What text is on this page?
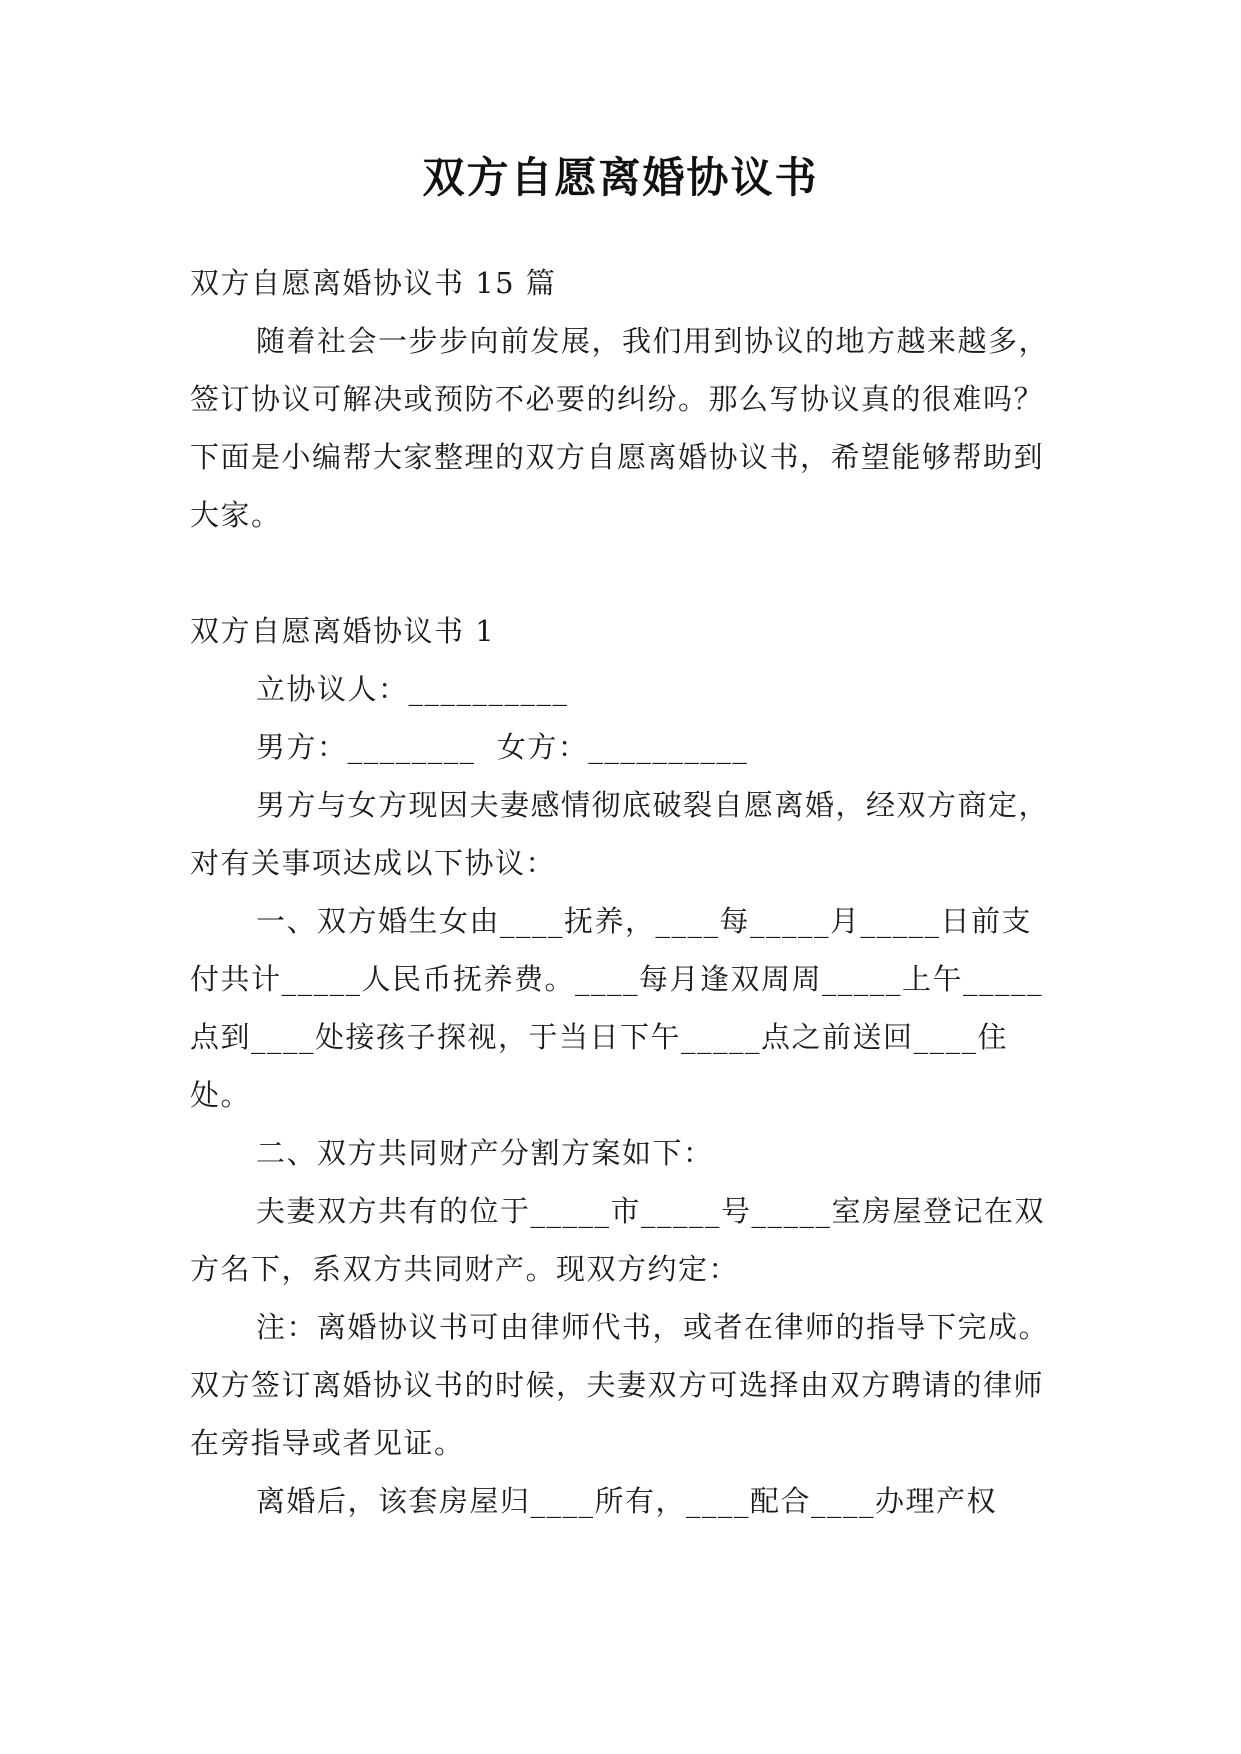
双方自愿离婚协议书

双方自愿离婚协议书 15 篇

随着社会一步步向前发展，我们用到协议的地方越来越多，签订协议可解决或预防不必要的纠纷。那么写协议真的很难吗？下面是小编帮大家整理的双方自愿离婚协议书，希望能够帮助到大家。

双方自愿离婚协议书 1

立协议人：__________

男方：________  女方：__________

男方与女方现因夫妻感情彻底破裂自愿离婚，经双方商定，对有关事项达成以下协议：

一、双方婚生女由____抚养，____每_____月_____日前支付共计_____人民币抚养费。____每月逢双周周_____上午_____点到____处接孩子探视，于当日下午_____点之前送回____住处。

二、双方共同财产分割方案如下：

夫妻双方共有的位于_____市_____号_____室房屋登记在双方名下，系双方共同财产。现双方约定：

注：离婚协议书可由律师代书，或者在律师的指导下完成。双方签订离婚协议书的时候，夫妻双方可选择由双方聘请的律师在旁指导或者见证。

离婚后，该套房屋归____所有，____配合____办理产权
